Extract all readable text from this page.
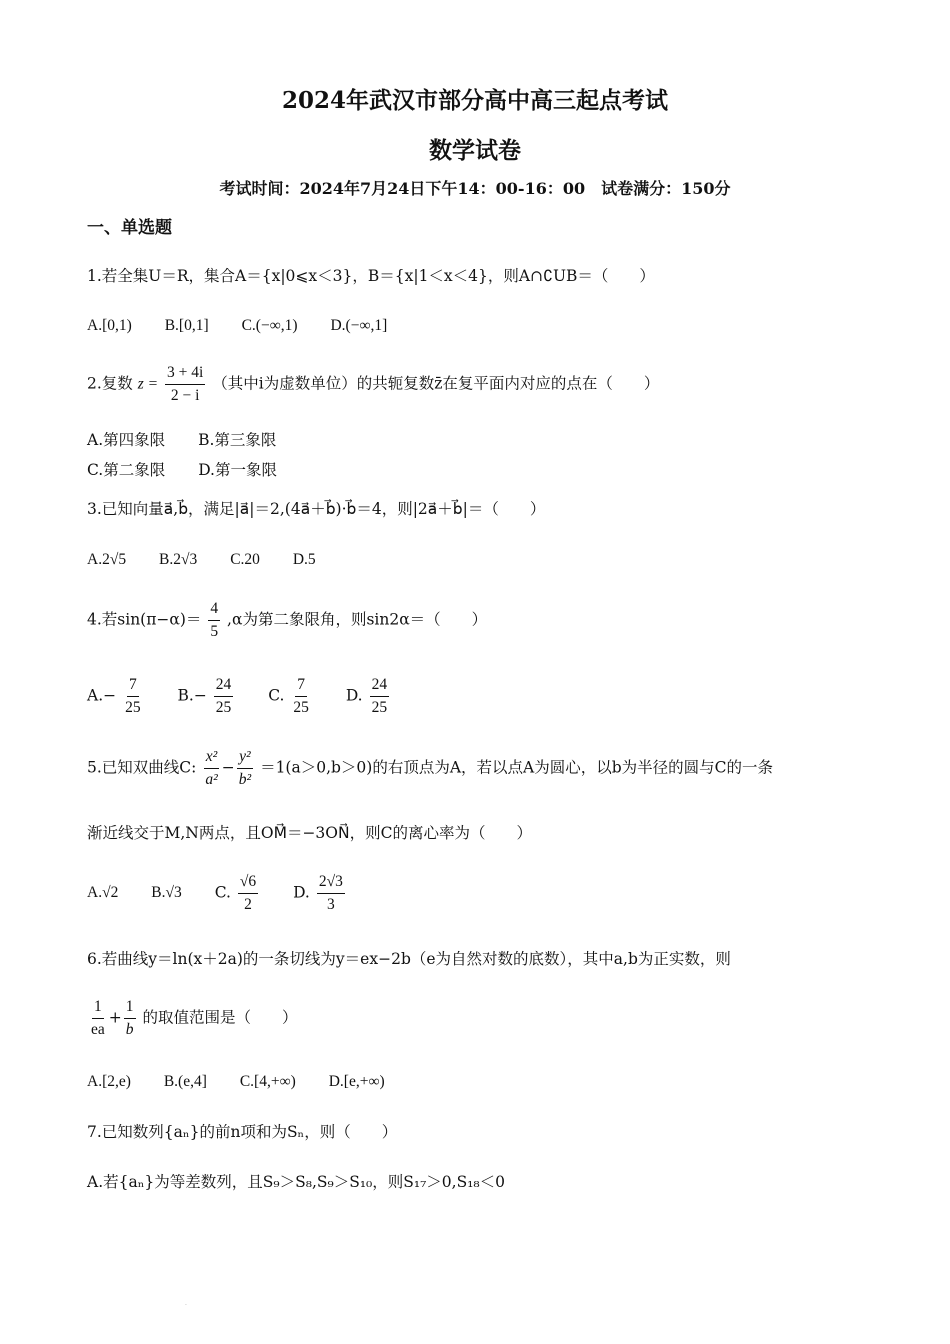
2024年武汉市部分高中高三起点考试
数学试卷
考试时间：2024年7月24日下午14：00-16：00　试卷满分：150分
一、单选题
1.若全集U＝R，集合A＝{x|0⩽x＜3}，B＝{x|1＜x＜4}，则A∩∁UB＝（　　）
A.[0,1) B.[0,1] C.(−∞,1) D.(−∞,1]
2.复数 $z = \frac{3 + 4i}{2 - i}$ （其中i为虚数单位）的共轭复数z̄在复平面内对应的点在（　　）
A.第四象限 B.第三象限
C.第二象限 D.第一象限
3.已知向量a⃗,b⃗，满足|a⃗|＝2,(4a⃗＋b⃗)·b⃗＝4，则|2a⃗＋b⃗|＝（　　）
A.2√5 B.2√3 C.20 D.5
4.若$\sin(\pi-\alpha)= \frac{4}{5} ,\alpha$为第二象限角，则sin2α＝（　　）
$A.- \frac{7}{25} B.- \frac{24}{25} C$. $\frac{7}{25} D$. $\frac{24}{25}$
5.已知双曲线C: $\frac{\text{x²}}{\text{a²}} - \frac{\text{y²}}{\text{b²}} =1(a>0,b>0)$的右顶点为A，若以点A为圆心，以b为半径的圆与C的一条
渐近线交于M,N两点，且OM⃗＝−3ON⃗，则C的离心率为（　　）
A.√2 B.√3 C. $\frac{√6}{2} D$. $\frac{2√3}{3}$
6.若曲线y＝ln(x＋2a)的一条切线为y＝ex−2b（e为自然对数的底数），其中a,b为正实数，则
$\frac{1}{ea} + \frac{1}{b}$ 的取值范围是（　　）
A.[2,e) B.(e,4] C.[4,+∞) D.[e,+∞)
7.已知数列{aₙ}的前n项和为Sₙ，则（　　）
A.若{aₙ}为等差数列，且S₉＞S₈,S₉＞S₁₀，则S₁₇＞0,S₁₈＜0
·
